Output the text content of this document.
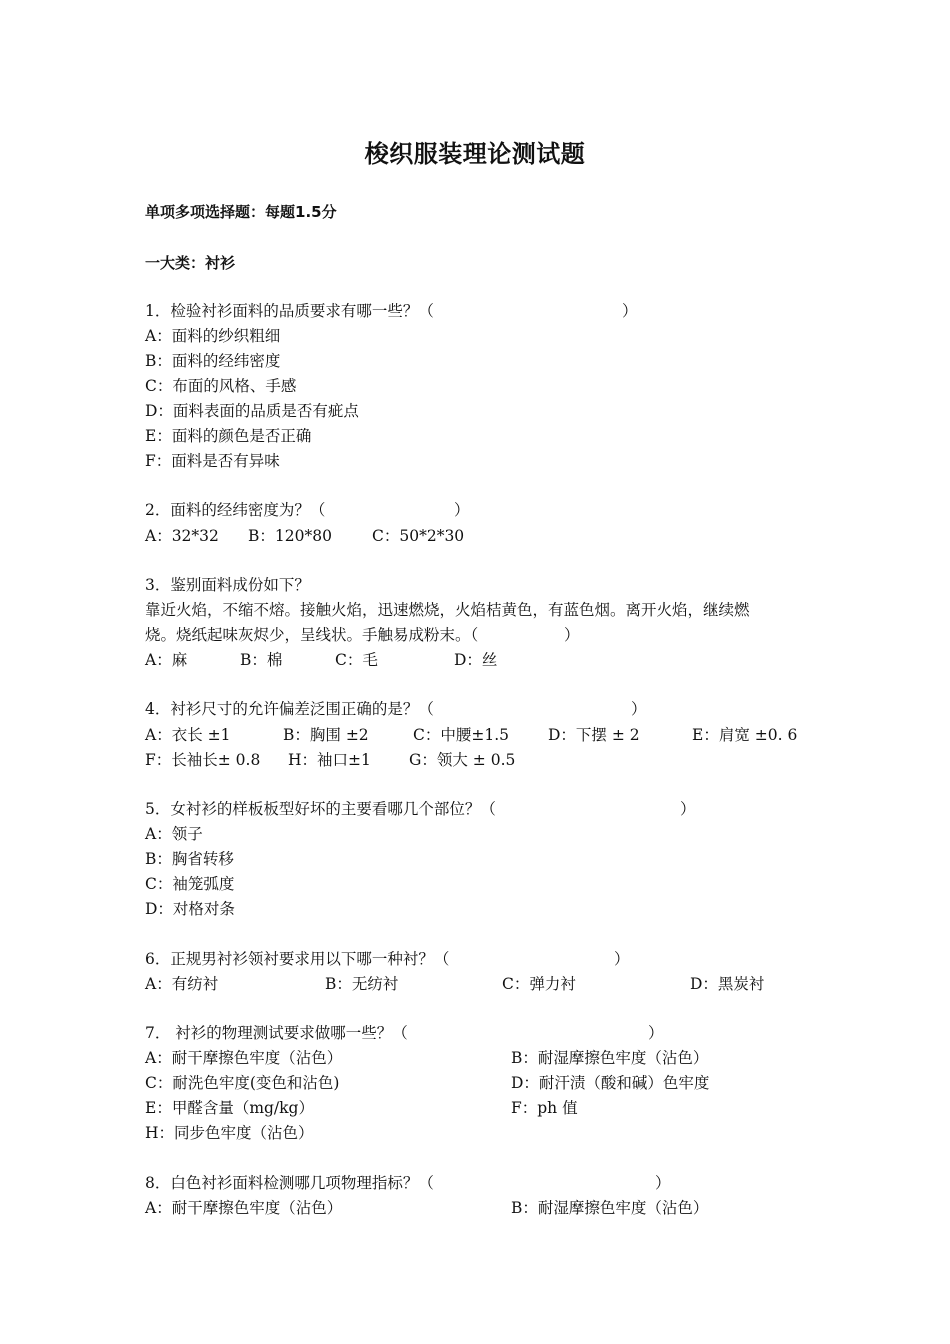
梭织服装理论测试题
单项多项选择题：每题1.5分
一大类：衬衫
1．检验衬衫面料的品质要求有哪一些？（	）
A：面料的纱织粗细
B：面料的经纬密度
C：布面的风格、手感
D：面料表面的品质是否有疵点
E：面料的颜色是否正确
F：面料是否有异味
2．面料的经纬密度为？（	）
A：32*32 B：120*80	C：50*2*30
3．鉴别面料成份如下？
靠近火焰，不缩不熔。接触火焰，迅速燃烧，火焰桔黄色，有蓝色烟。离开火焰，继续燃
烧。烧纸起味灰烬少，呈线状。手触易成粉末。（	）
A：麻	B：棉	C：毛	D：丝
4．衬衫尺寸的允许偏差泛围正确的是？（	）
A：衣长 ±1	B：胸围 ±2	C：中腰±1.5	D：下摆 ± 2	E：肩宽 ±0. 6
F：长袖长± 0.8 H：袖口±1 G：领大 ± 0.5
5．女衬衫的样板板型好坏的主要看哪几个部位？（	）
A：领子
B：胸省转移
C：袖笼弧度
D：对格对条
6．正规男衬衫领衬要求用以下哪一种衬？（	）
A：有纺衬	B：无纺衬	C：弹力衬	D：黑炭衬
7． 衬衫的物理测试要求做哪一些？（	）
A：耐干摩擦色牢度（沾色）	B：耐湿摩擦色牢度（沾色）
C：耐洗色牢度(变色和沾色)	D：耐汗渍（酸和碱）色牢度
E：甲醛含量（mg/kg）	F：ph 值
H：同步色牢度（沾色）
8．白色衬衫面料检测哪几项物理指标？（	）
A：耐干摩擦色牢度（沾色）	B：耐湿摩擦色牢度（沾色）
